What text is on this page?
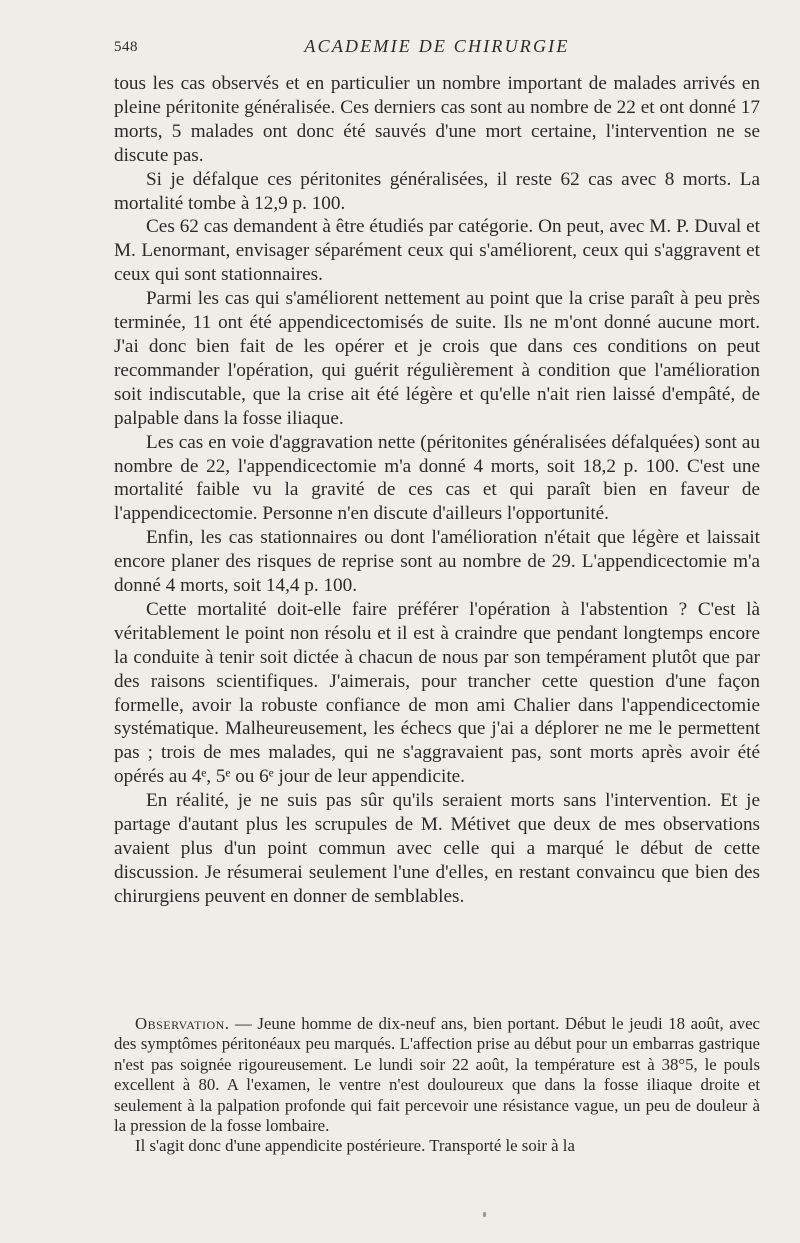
548	ACADEMIE DE CHIRURGIE

tous les cas observés et en particulier un nombre important de malades arrivés en pleine péritonite généralisée. Ces derniers cas sont au nombre de 22 et ont donné 17 morts, 5 malades ont donc été sauvés d'une mort certaine, l'intervention ne se discute pas.

Si je défalque ces péritonites généralisées, il reste 62 cas avec 8 morts. La mortalité tombe à 12,9 p. 100.

Ces 62 cas demandent à être étudiés par catégorie. On peut, avec M. P. Duval et M. Lenormant, envisager séparément ceux qui s'améliorent, ceux qui s'aggravent et ceux qui sont stationnaires.

Parmi les cas qui s'améliorent nettement au point que la crise paraît à peu près terminée, 11 ont été appendicectomisés de suite. Ils ne m'ont donné aucune mort. J'ai donc bien fait de les opérer et je crois que dans ces conditions on peut recommander l'opération, qui guérit régulièrement à condition que l'amélioration soit indiscutable, que la crise ait été légère et qu'elle n'ait rien laissé d'empâté, de palpable dans la fosse iliaque.

Les cas en voie d'aggravation nette (péritonites généralisées défalquées) sont au nombre de 22, l'appendicectomie m'a donné 4 morts, soit 18,2 p. 100. C'est une mortalité faible vu la gravité de ces cas et qui paraît bien en faveur de l'appendicectomie. Personne n'en discute d'ailleurs l'opportunité.

Enfin, les cas stationnaires ou dont l'amélioration n'était que légère et laissait encore planer des risques de reprise sont au nombre de 29. L'appendicectomie m'a donné 4 morts, soit 14,4 p. 100.

Cette mortalité doit-elle faire préférer l'opération à l'abstention ? C'est là véritablement le point non résolu et il est à craindre que pendant longtemps encore la conduite à tenir soit dictée à chacun de nous par son tempérament plutôt que par des raisons scientifiques. J'aimerais, pour trancher cette question d'une façon formelle, avoir la robuste confiance de mon ami Chalier dans l'appendicectomie systématique. Malheureusement, les échecs que j'ai a déplorer ne me le permettent pas ; trois de mes malades, qui ne s'aggravaient pas, sont morts après avoir été opérés au 4ᵉ, 5ᵉ ou 6ᵉ jour de leur appendicite.

En réalité, je ne suis pas sûr qu'ils seraient morts sans l'intervention. Et je partage d'autant plus les scrupules de M. Métivet que deux de mes observations avaient plus d'un point commun avec celle qui a marqué le début de cette discussion. Je résumerai seulement l'une d'elles, en restant convaincu que bien des chirurgiens peuvent en donner de semblables.

Observation. — Jeune homme de dix-neuf ans, bien portant. Début le jeudi 18 août, avec des symptômes péritonéaux peu marqués. L'affection prise au début pour un embarras gastrique n'est pas soignée rigoureusement. Le lundi soir 22 août, la température est à 38°5, le pouls excellent à 80. A l'examen, le ventre n'est douloureux que dans la fosse iliaque droite et seulement à la palpation profonde qui fait percevoir une résistance vague, un peu de douleur à la pression de la fosse lombaire.

Il s'agit donc d'une appendicite postérieure. Transporté le soir à la
